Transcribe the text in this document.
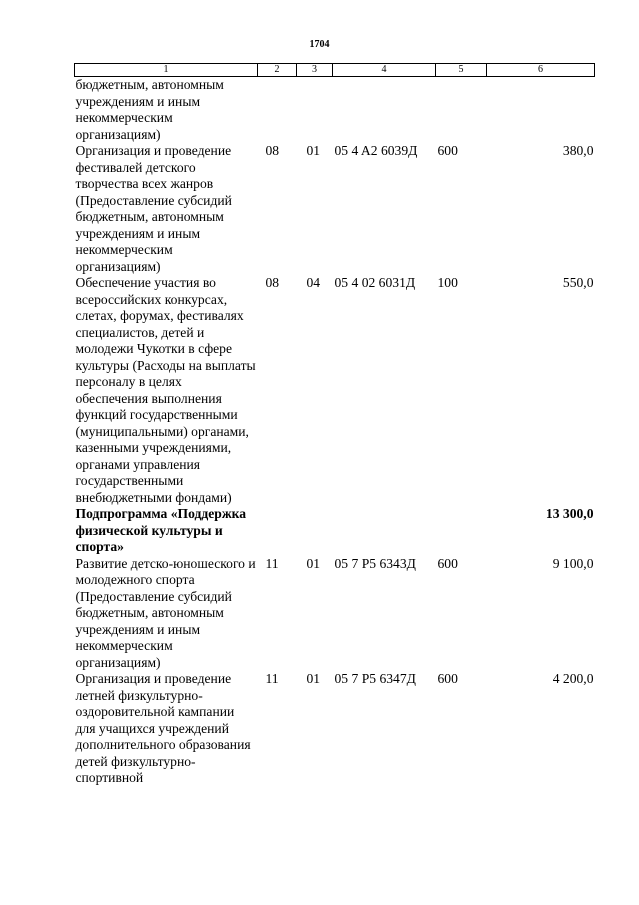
1704
1	2	3	4	5	6
бюджетным, автономным учреждениям и иным некоммерческим организациям)					
Организация и проведение фестивалей детского творчества всех жанров (Предоставление субсидий бюджетным, автономным учреждениям и иным некоммерческим организациям)	08	01	05 4 A2 6039Д	600	380,0
Обеспечение участия во всероссийских конкурсах, слетах, форумах, фестивалях специалистов, детей и молодежи Чукотки в сфере культуры (Расходы на выплаты персоналу в целях обеспечения выполнения функций государственными (муниципальными) органами, казенными учреждениями, органами управления государственными внебюджетными фондами)	08	04	05 4 02 6031Д	100	550,0
Подпрограмма «Поддержка физической культуры и спорта»					13 300,0
Развитие детско-юношеского и молодежного спорта (Предоставление субсидий бюджетным, автономным учреждениям и иным некоммерческим организациям)	11	01	05 7 P5 6343Д	600	9 100,0
Организация и проведение летней физкультурно-оздоровительной кампании для учащихся учреждений дополнительного образования детей физкультурно-спортивной	11	01	05 7 P5 6347Д	600	4 200,0
